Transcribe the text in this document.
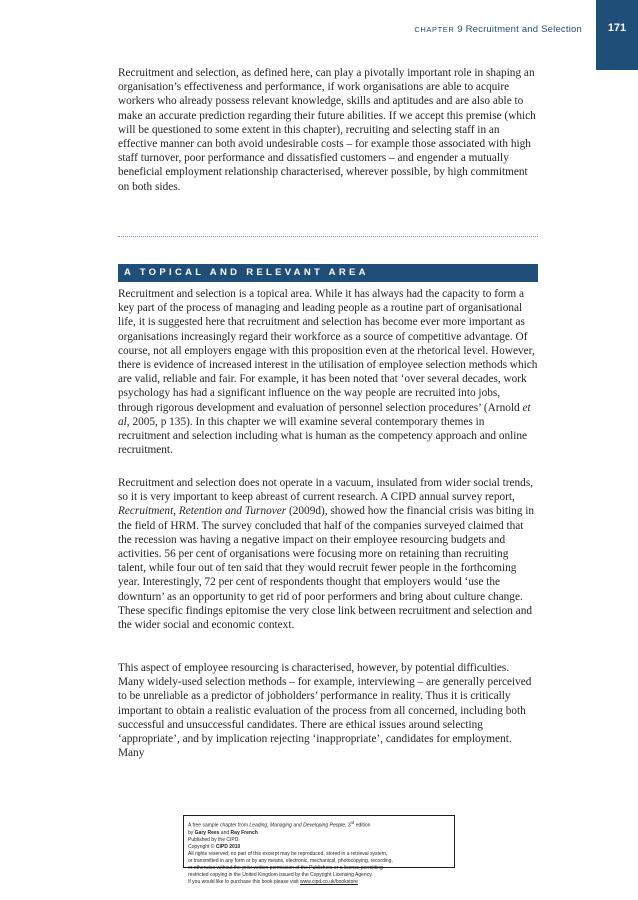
CHAPTER 9 Recruitment and Selection	171

Recruitment and selection, as defined here, can play a pivotally important role in shaping an organisation’s effectiveness and performance, if work organisations are able to acquire workers who already possess relevant knowledge, skills and aptitudes and are also able to make an accurate prediction regarding their future abilities. If we accept this premise (which will be questioned to some extent in this chapter), recruiting and selecting staff in an effective manner can both avoid undesirable costs – for example those associated with high staff turnover, poor performance and dissatisfied customers – and engender a mutually beneficial employment relationship characterised, wherever possible, by high commitment on both sides.

A TOPICAL AND RELEVANT AREA

Recruitment and selection is a topical area. While it has always had the capacity to form a key part of the process of managing and leading people as a routine part of organisational life, it is suggested here that recruitment and selection has become ever more important as organisations increasingly regard their workforce as a source of competitive advantage. Of course, not all employers engage with this proposition even at the rhetorical level. However, there is evidence of increased interest in the utilisation of employee selection methods which are valid, reliable and fair. For example, it has been noted that ‘over several decades, work psychology has had a significant influence on the way people are recruited into jobs, through rigorous development and evaluation of personnel selection procedures’ (Arnold et al, 2005, p 135). In this chapter we will examine several contemporary themes in recruitment and selection including what is human as the competency approach and online recruitment.

Recruitment and selection does not operate in a vacuum, insulated from wider social trends, so it is very important to keep abreast of current research. A CIPD annual survey report, Recruitment, Retention and Turnover (2009d), showed how the financial crisis was biting in the field of HRM. The survey concluded that half of the companies surveyed claimed that the recession was having a negative impact on their employee resourcing budgets and activities. 56 per cent of organisations were focusing more on retaining than recruiting talent, while four out of ten said that they would recruit fewer people in the forthcoming year. Interestingly, 72 per cent of respondents thought that employers would ‘use the downturn’ as an opportunity to get rid of poor performers and bring about culture change. These specific findings epitomise the very close link between recruitment and selection and the wider social and economic context.

This aspect of employee resourcing is characterised, however, by potential difficulties. Many widely-used selection methods – for example, interviewing – are generally perceived to be unreliable as a predictor of jobholders’ performance in reality. Thus it is critically important to obtain a realistic evaluation of the process from all concerned, including both successful and unsuccessful candidates. There are ethical issues around selecting ‘appropriate’, and by implication rejecting ‘inappropriate’, candidates for employment. Many

A free sample chapter from Leading, Managing and Developing People, 3rd edition

by Gary Rees and Ray French

Published by the CIPD.

Copyright © CIPD 2010

All rights reserved; no part of this excerpt may be reproduced, stored in a retrieval system,

or transmitted in any form or by any means, electronic, mechanical, photocopying, recording,

or otherwise without the prior written permission of the Publishers or a licence permitting

restricted copying in the United Kingdom issued by the Copyright Licensing Agency.

If you would like to purchase this book please visit www.cipd.co.uk/bookstore
